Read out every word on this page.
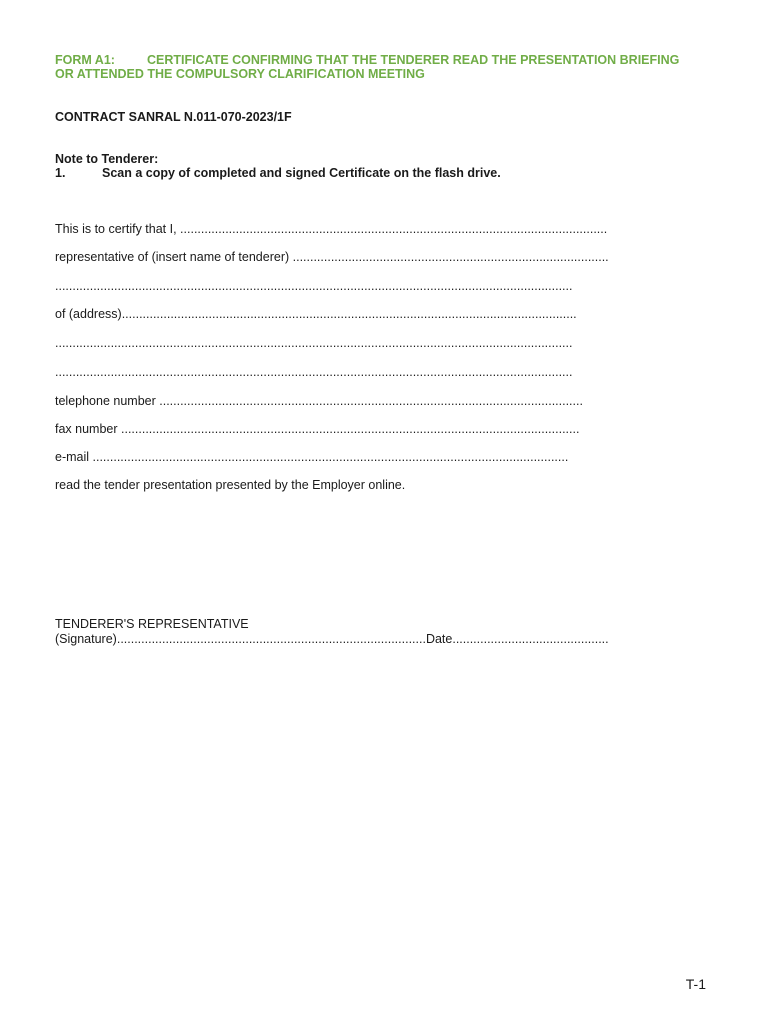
FORM A1:	CERTIFICATE CONFIRMING THAT THE TENDERER READ THE PRESENTATION BRIEFING
OR ATTENDED THE COMPULSORY CLARIFICATION MEETING
CONTRACT SANRAL N.011-070-2023/1F
Note to Tenderer:
1.	Scan a copy of completed and signed Certificate on the flash drive.
This is to certify that I, ...........................................................................................................................
representative of (insert name of tenderer) ...........................................................................................
.....................................................................................................................................................
of (address)...................................................................................................................................
.....................................................................................................................................................
.....................................................................................................................................................
telephone number ..........................................................................................................................
fax number ....................................................................................................................................
e-mail .........................................................................................................................................
read the tender presentation presented by the Employer online.
TENDERER'S REPRESENTATIVE
(Signature).........................................................................................Date.............................................
T-1
